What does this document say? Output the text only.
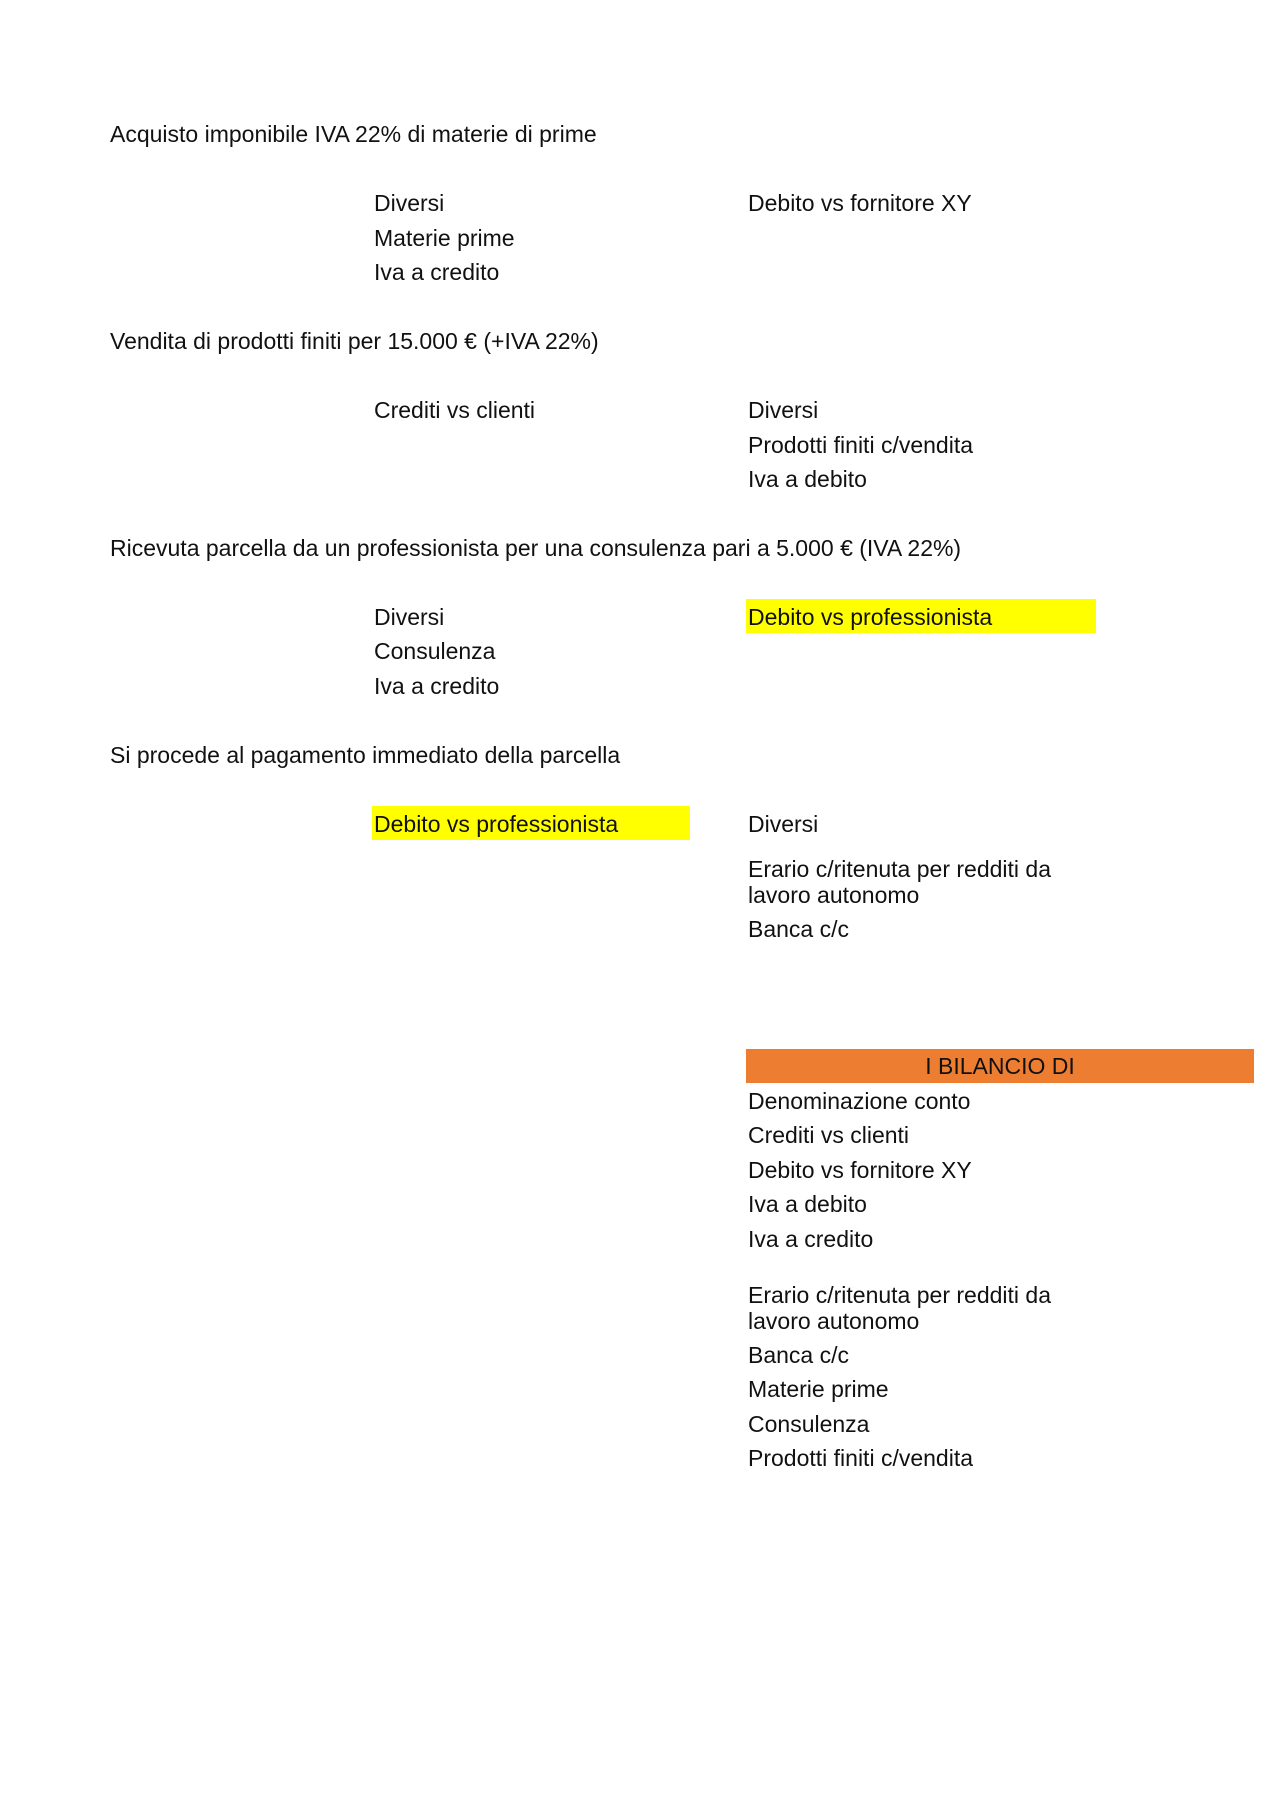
Acquisto imponibile IVA 22% di materie di prime
Diversi
Materie prime
Iva a credito
Debito vs fornitore XY
Vendita di prodotti finiti per 15.000 € (+IVA 22%)
Crediti vs clienti	Diversi
Prodotti finiti c/vendita
Iva a debito
Ricevuta parcella da un professionista per una consulenza pari a 5.000 € (IVA 22%)
Diversi
Consulenza
Iva a credito
Debito vs professionista
Si procede al pagamento immediato della parcella
Debito vs professionista	Diversi
Erario c/ritenuta per redditi da lavoro autonomo
Banca c/c
I BILANCIO DI
Denominazione conto
Crediti vs clienti
Debito vs fornitore XY
Iva a debito
Iva a credito
Erario c/ritenuta per redditi da lavoro autonomo
Banca c/c
Materie prime
Consulenza
Prodotti finiti c/vendita
